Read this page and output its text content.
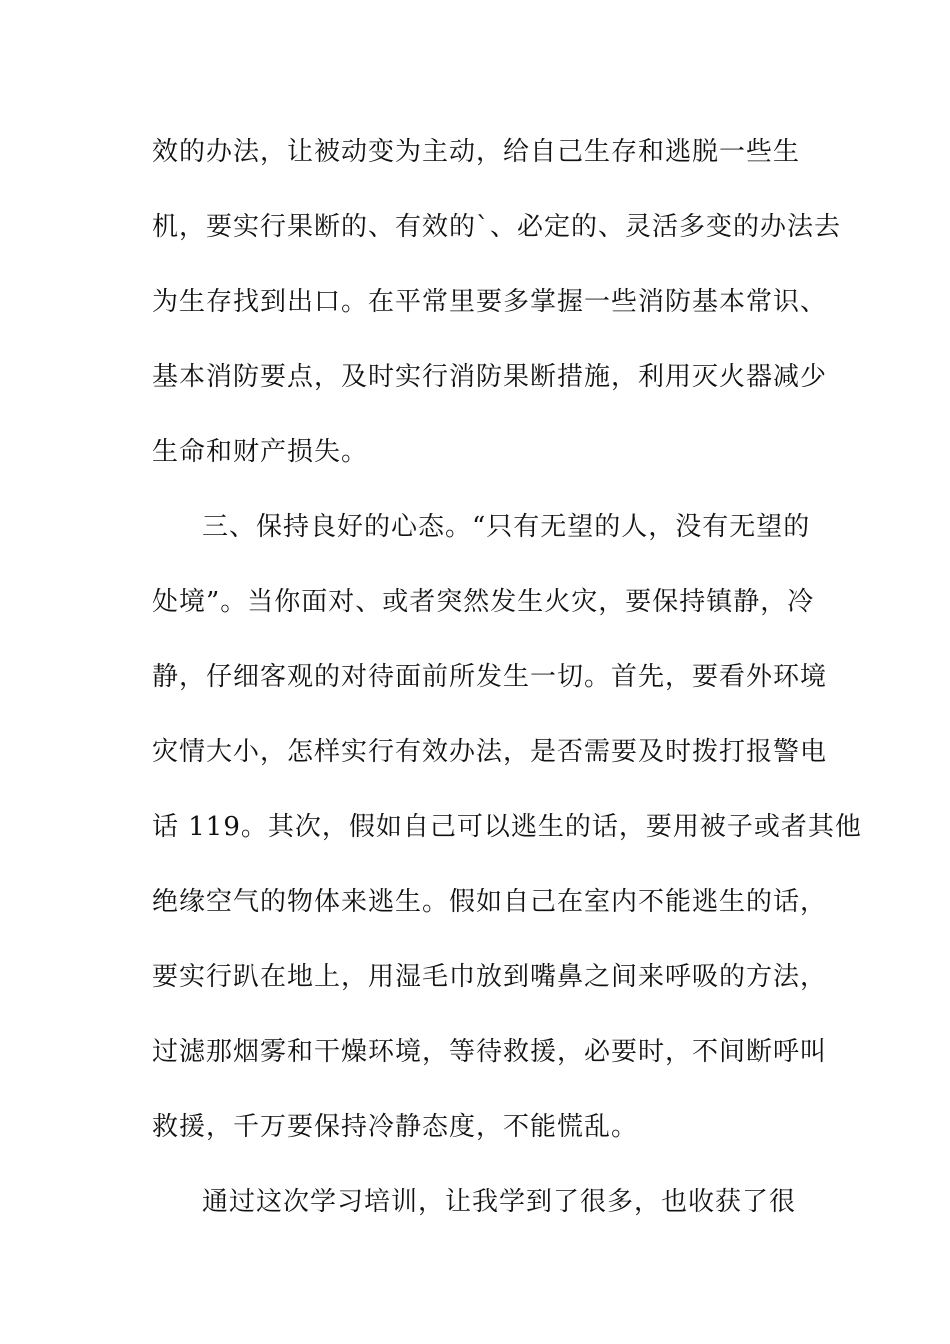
效的办法，让被动变为主动，给自己生存和逃脱一些生
机，要实行果断的、有效的`、必定的、灵活多变的办法去
为生存找到出口。在平常里要多掌握一些消防基本常识、
基本消防要点，及时实行消防果断措施，利用灭火器减少
生命和财产损失。
三、保持良好的心态。“只有无望的人，没有无望的
处境”。当你面对、或者突然发生火灾，要保持镇静，冷
静，仔细客观的对待面前所发生一切。首先，要看外环境
灾情大小，怎样实行有效办法，是否需要及时拨打报警电
话 119。其次，假如自己可以逃生的话，要用被子或者其他
绝缘空气的物体来逃生。假如自己在室内不能逃生的话，
要实行趴在地上，用湿毛巾放到嘴鼻之间来呼吸的方法，
过滤那烟雾和干燥环境，等待救援，必要时，不间断呼叫
救援，千万要保持冷静态度，不能慌乱。
通过这次学习培训，让我学到了很多，也收获了很
